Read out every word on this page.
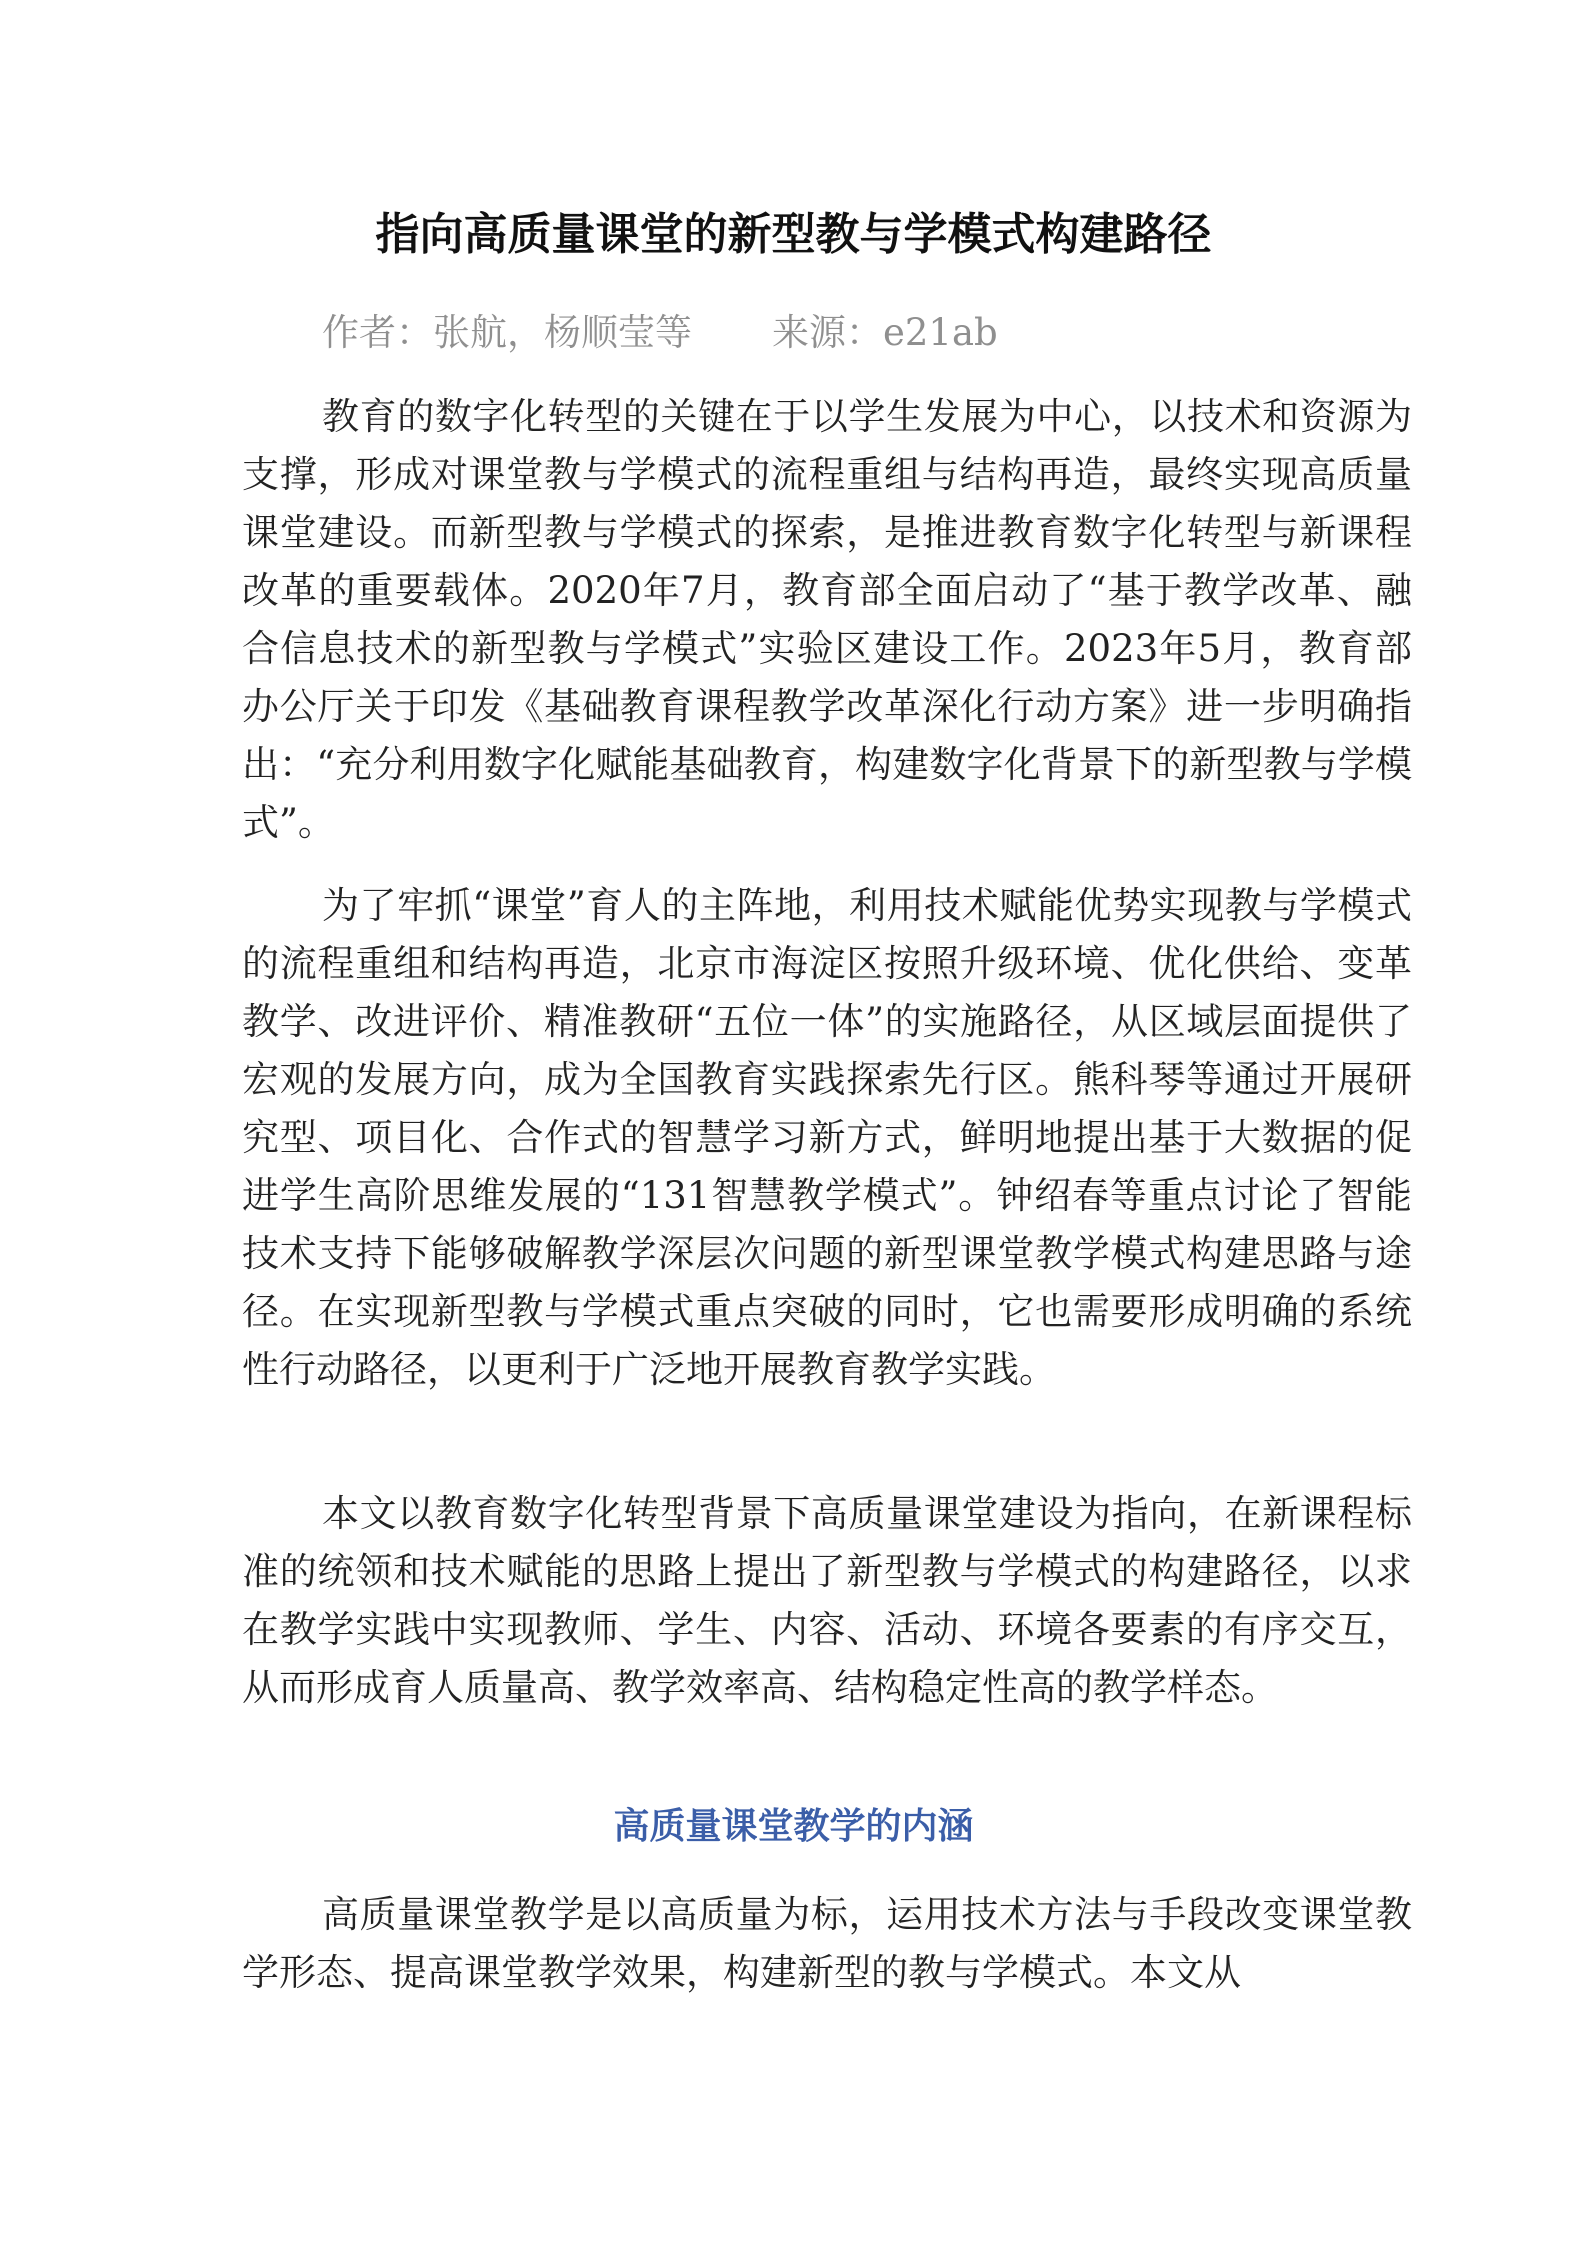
指向高质量课堂的新型教与学模式构建路径
作者：张航，杨顺莹等 来源：e21ab

教育的数字化转型的关键在于以学生发展为中心，以技术和资源为支撑，形成对课堂教与学模式的流程重组与结构再造，最终实现高质量课堂建设。而新型教与学模式的探索，是推进教育数字化转型与新课程改革的重要载体。2020年7月，教育部全面启动了“基于教学改革、融合信息技术的新型教与学模式”实验区建设工作。2023年5月，教育部办公厅关于印发《基础教育课程教学改革深化行动方案》进一步明确指出：“充分利用数字化赋能基础教育，构建数字化背景下的新型教与学模式”。

为了牢抓“课堂”育人的主阵地，利用技术赋能优势实现教与学模式的流程重组和结构再造，北京市海淀区按照升级环境、优化供给、变革教学、改进评价、精准教研“五位一体”的实施路径，从区域层面提供了宏观的发展方向，成为全国教育实践探索先行区。熊科琴等通过开展研究型、项目化、合作式的智慧学习新方式，鲜明地提出基于大数据的促进学生高阶思维发展的“131智慧教学模式”。钟绍春等重点讨论了智能技术支持下能够破解教学深层次问题的新型课堂教学模式构建思路与途径。在实现新型教与学模式重点突破的同时，它也需要形成明确的系统性行动路径，以更利于广泛地开展教育教学实践。

本文以教育数字化转型背景下高质量课堂建设为指向，在新课程标准的统领和技术赋能的思路上提出了新型教与学模式的构建路径，以求在教学实践中实现教师、学生、内容、活动、环境各要素的有序交互，从而形成育人质量高、教学效率高、结构稳定性高的教学样态。

高质量课堂教学的内涵

高质量课堂教学是以高质量为标，运用技术方法与手段改变课堂教学形态、提高课堂教学效果，构建新型的教与学模式。本文从
